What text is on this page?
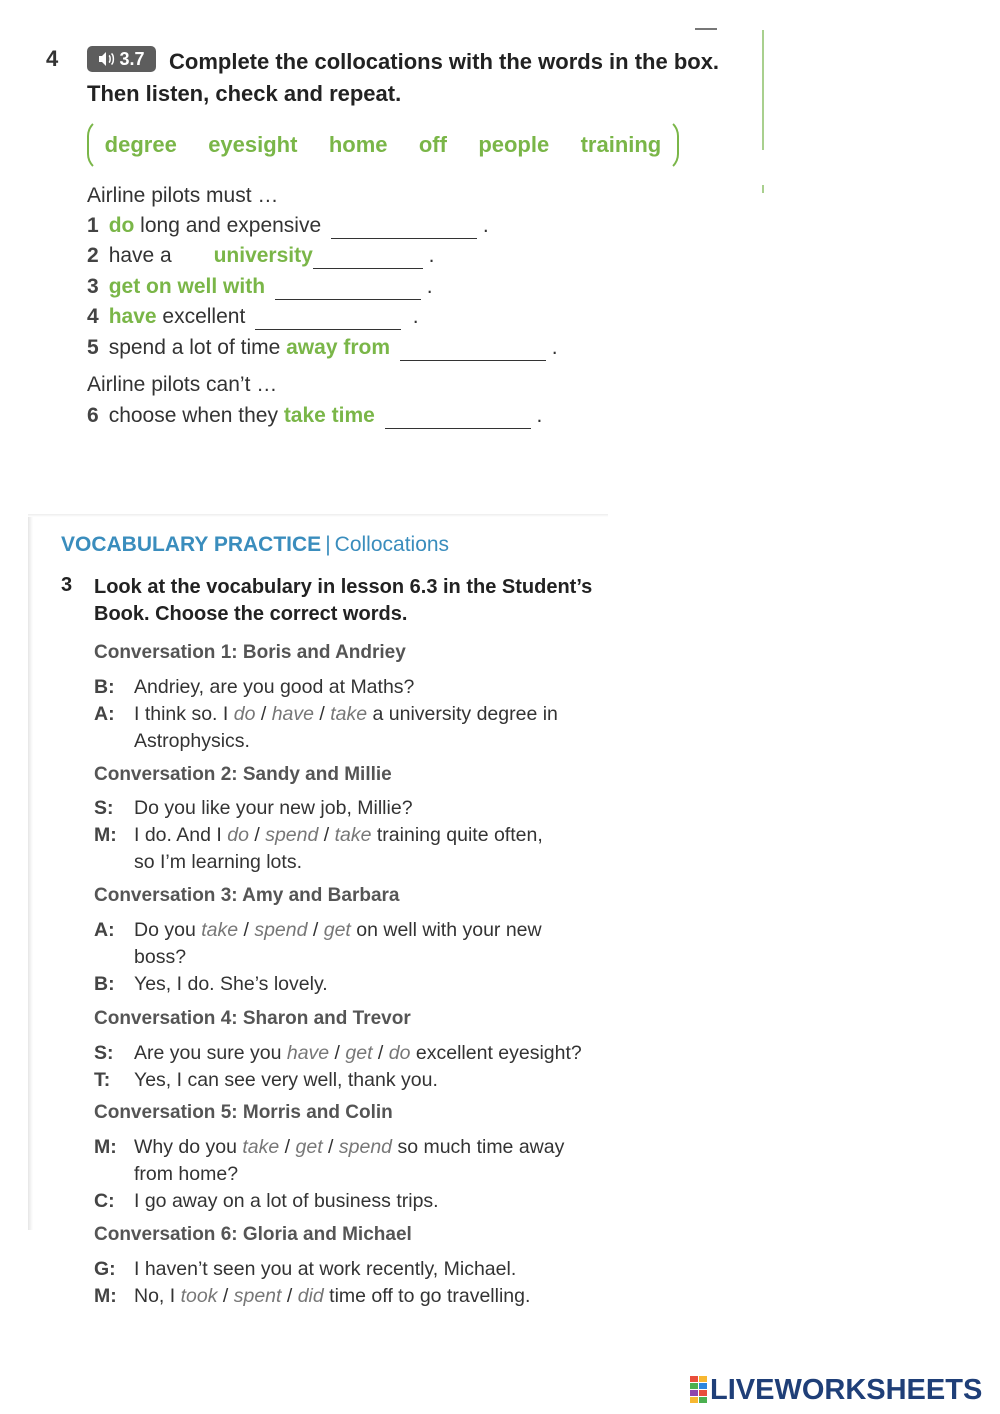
4	Complete the collocations with the words in the box. Then listen, check and repeat.
3.7
degree eyesight home off people training
Airline pilots must …
1 do long and expensive	.
2 have a university	.
3 get on well with	.
4 have excellent	.
5 spend a lot of time away from	.
Airline pilots can’t …
6 choose when they take time	.
VOCABULARY PRACTICE | Collocations
3 Look at the vocabulary in lesson 6.3 in the Student’s Book. Choose the correct words.
Conversation 1: Boris and Andriey
B: Andriey, are you good at Maths?
A: I think so. I do / have / take a university degree in
Astrophysics.
Conversation 2: Sandy and Millie
S: Do you like your new job, Millie?
M: I do. And I do / spend / take training quite often,
so I’m learning lots.
Conversation 3: Amy and Barbara
A: Do you take / spend / get on well with your new
boss?
B: Yes, I do. She’s lovely.
Conversation 4: Sharon and Trevor
S: Are you sure you have / get / do excellent eyesight?
T: Yes, I can see very well, thank you.
Conversation 5: Morris and Colin
M: Why do you take / get / spend so much time away
from home?
C: I go away on a lot of business trips.
Conversation 6: Gloria and Michael
G: I haven’t seen you at work recently, Michael.
M: No, I took / spent / did time off to go travelling.
LIVEWORKSHEETS
